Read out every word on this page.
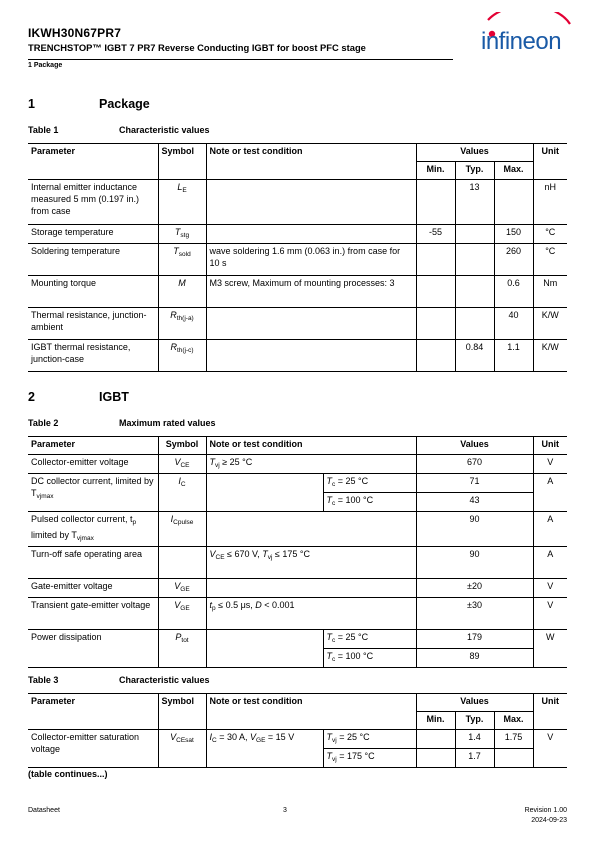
IKWH30N67PR7
TRENCHSTOP™ IGBT 7 PR7 Reverse Conducting IGBT for boost PFC stage
1 Package
infineon
1	Package
Table 1	Characteristic values
Parameter	Symbol	Note or test condition	Values			Unit
			Min.	Typ.	Max.	
Internal emitter inductance measured 5 mm (0.197 in.) from case	$L_E$			13		nH
Storage temperature	$T_{stg}$		-55		150	°C
Soldering temperature	$T_{sold}$	wave soldering 1.6 mm (0.063 in.) from case for 10 s			260	°C
Mounting torque	M	M3 screw, Maximum of mounting processes: 3			0.6	Nm
Thermal resistance, junction-ambient	$R_{th(j-a)}$				40	K/W
IGBT thermal resistance, junction-case	$R_{th(j-c)}$			0.84	1.1	K/W
2	IGBT
Table 2	Maximum rated values
Parameter	Symbol	Note or test condition		Values	Unit
Collector-emitter voltage	$V_{CE}$	$T_{vj} \ge 25$ °C		670	V
DC collector current, limited by $T_{vjmax}$	$I_C$		$T_c = 25$ °C	71	A
			$T_c = 100$ °C	43	
Pulsed collector current, $t_p$ limited by $T_{vjmax}$	$I_{Cpulse}$			90	A
Turn-off safe operating area		$V_{CE} \le 670$ V, $T_{vj} \le 175$ °C		90	A
Gate-emitter voltage	$V_{GE}$			±20	V
Transient gate-emitter voltage	$V_{GE}$	$t_p \le 0.5$ μs, D < 0.001		±30	V
Power dissipation	$P_{tot}$		$T_c = 25$ °C	179	W
			$T_c = 100$ °C	89	
Table 3	Characteristic values
Parameter	Symbol	Note or test condition		Values			Unit
				Min.	Typ.	Max.	
Collector-emitter saturation voltage	$V_{CEsat}$	$I_C = 30$ A, $V_{GE} = 15$ V	$T_{vj} = 25$ °C		1.4	1.75	V
			$T_{vj} = 175$ °C		1.7		
(table continues...)
Datasheet	3	Revision 1.00
2024-09-23
